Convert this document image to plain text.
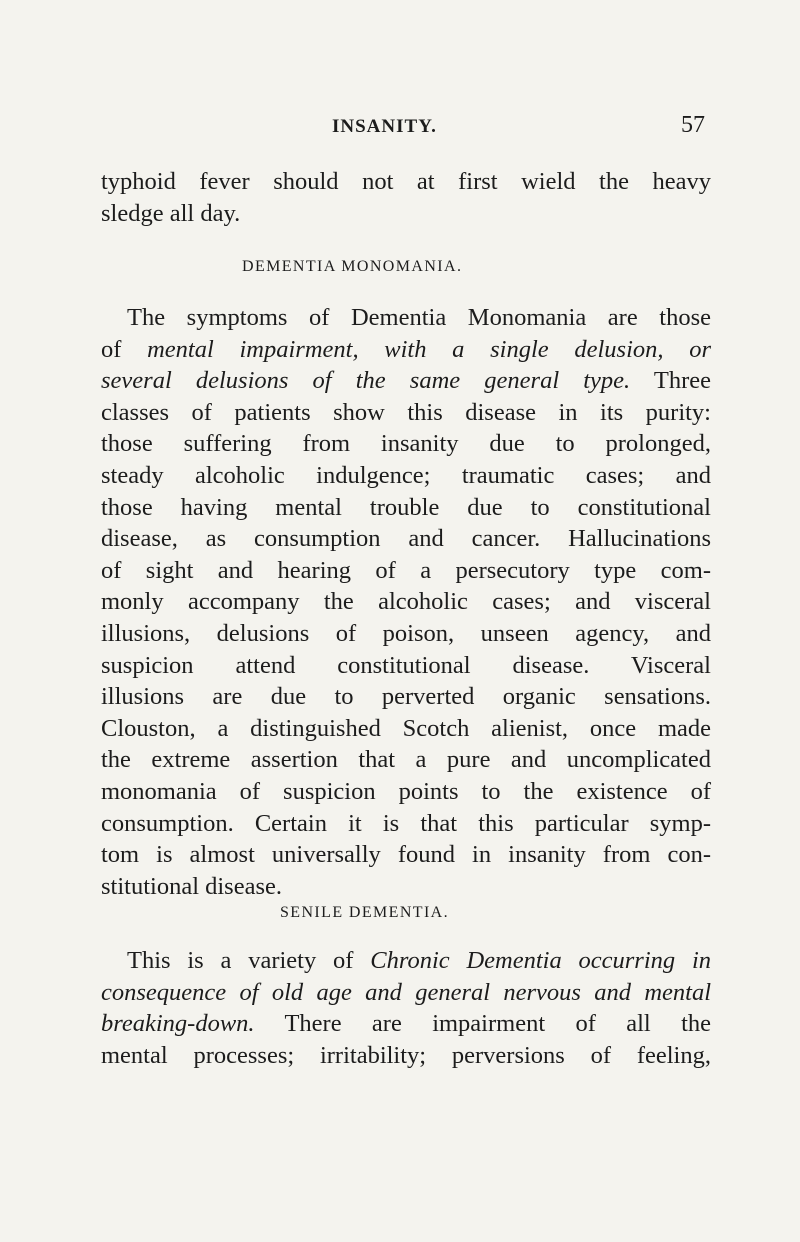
INSANITY.	57
typhoid fever should not at first wield the heavy
sledge all day.
DEMENTIA MONOMANIA.
The symptoms of Dementia Monomania are those
of mental impairment, with a single delusion, or
several delusions of the same general type. Three
classes of patients show this disease in its purity:
those suffering from insanity due to prolonged,
steady alcoholic indulgence; traumatic cases; and
those having mental trouble due to constitutional
disease, as consumption and cancer. Hallucinations
of sight and hearing of a persecutory type com-
monly accompany the alcoholic cases; and visceral
illusions, delusions of poison, unseen agency, and
suspicion attend constitutional disease. Visceral
illusions are due to perverted organic sensations.
Clouston, a distinguished Scotch alienist, once made
the extreme assertion that a pure and uncomplicated
monomania of suspicion points to the existence of
consumption. Certain it is that this particular symp-
tom is almost universally found in insanity from con-
stitutional disease.
SENILE DEMENTIA.
This is a variety of Chronic Dementia occurring in
consequence of old age and general nervous and mental
breaking-down. There are impairment of all the
mental processes; irritability; perversions of feeling,
